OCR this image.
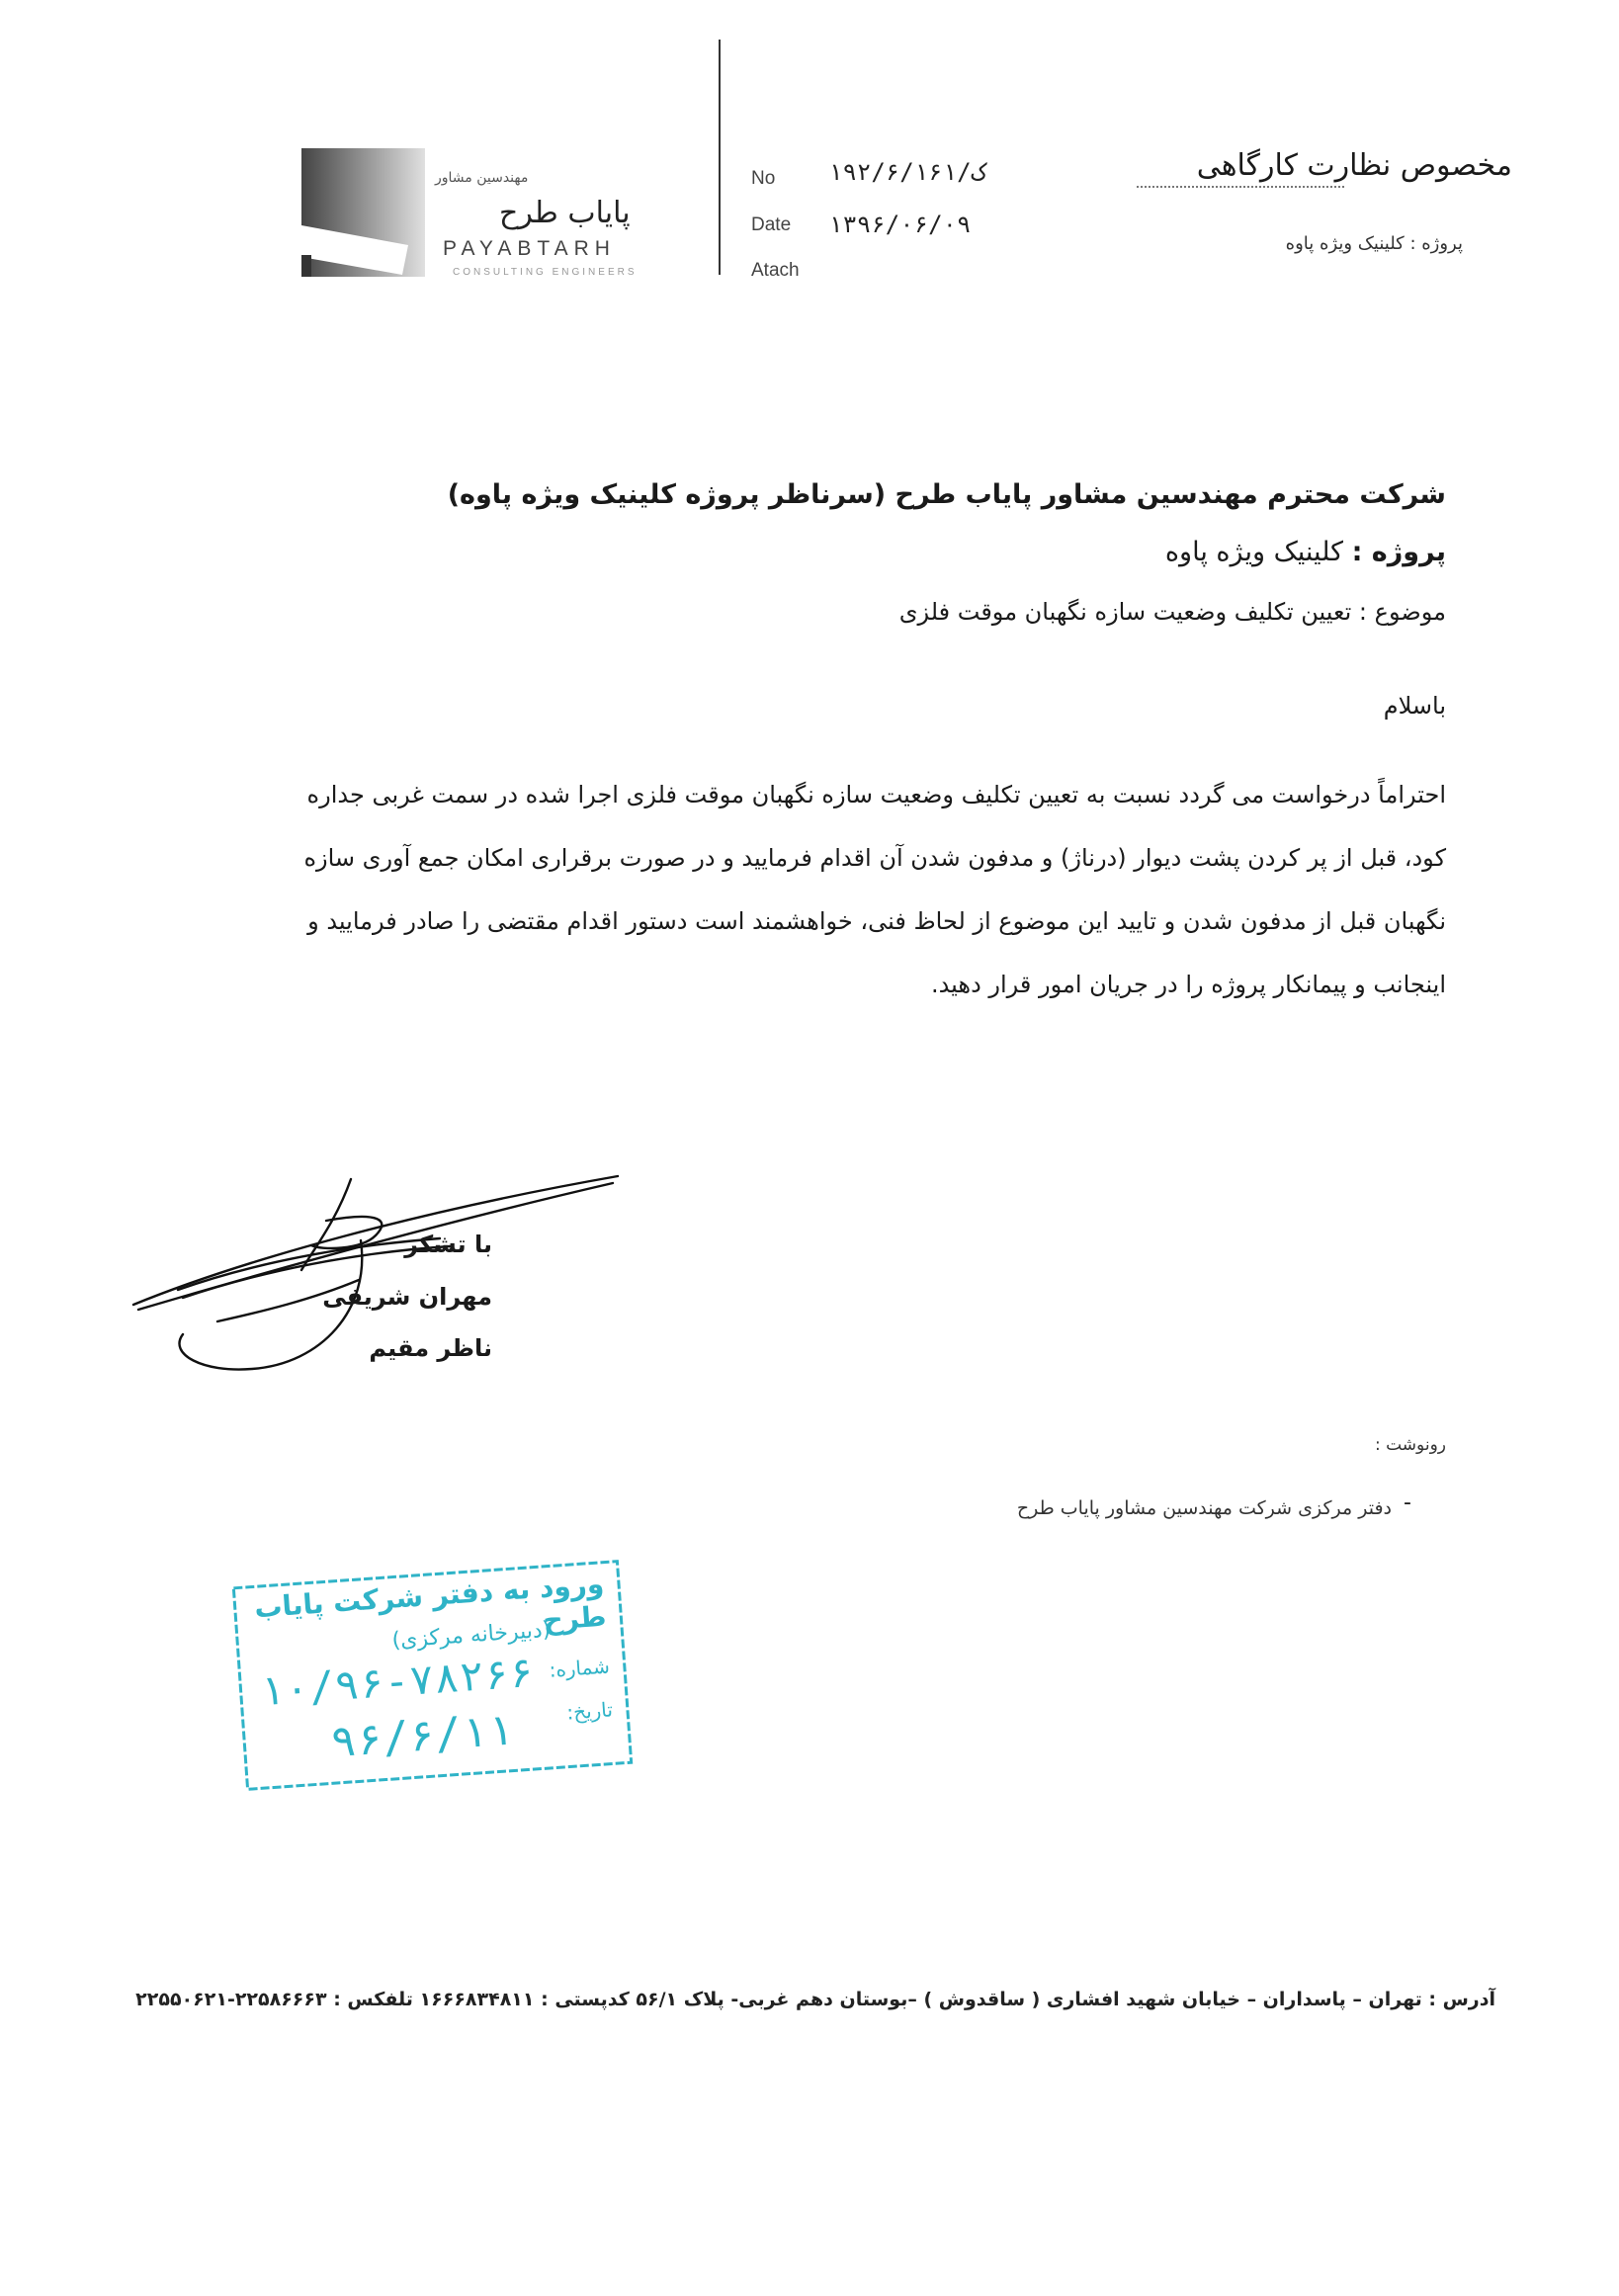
مهندسین مشاور
پایاب طرح
PAYABTARH
CONSULTING ENGINEERS
No ۱۹۲/۶/ک/۱۶۱
Date ۱۳۹۶/۰۶/۰۹
Atach
مخصوص نظارت کارگاهی
پروژه : کلینیک ویژه پاوه
شرکت محترم مهندسین مشاور پایاب طرح (سرناظر پروژه کلینیک ویژه پاوه)
پروژه : کلینیک ویژه پاوه
موضوع : تعیین تکلیف وضعیت سازه نگهبان موقت فلزی
باسلام

احتراماً درخواست می گردد نسبت به تعیین تکلیف وضعیت سازه نگهبان موقت فلزی اجرا شده در سمت غربی جداره

کود، قبل از پر کردن پشت دیوار (درناژ) و مدفون شدن آن اقدام فرمایید و در صورت برقراری امکان جمع آوری سازه

نگهبان قبل از مدفون شدن و تایید این موضوع از لحاظ فنی، خواهشمند است دستور اقدام مقتضی را صادر فرمایید و

اینجانب و پیمانکار پروژه را در جریان امور قرار دهید.

با تشکر
مهران شریفی
ناظر مقیم
رونوشت :
-
دفتر مرکزی شرکت مهندسین مشاور پایاب طرح
ورود به دفتر شرکت پایاب طرح
(دبیرخانه مرکزی)
شماره:
۱۰/۹۶-۷۸۲۶۶ تاریخ:
۹۶/۶/۱۱
آدرس : تهران – پاسداران – خیابان شهید افشاری ( ساقدوش ) –بوستان دهم غربی- پلاک ۵۶/۱ کدپستی : ۱۶۶۶۸۳۴۸۱۱ تلفکس : ۲۲۵۸۶۶۶۳-۲۲۵۵۰۶۲۱
